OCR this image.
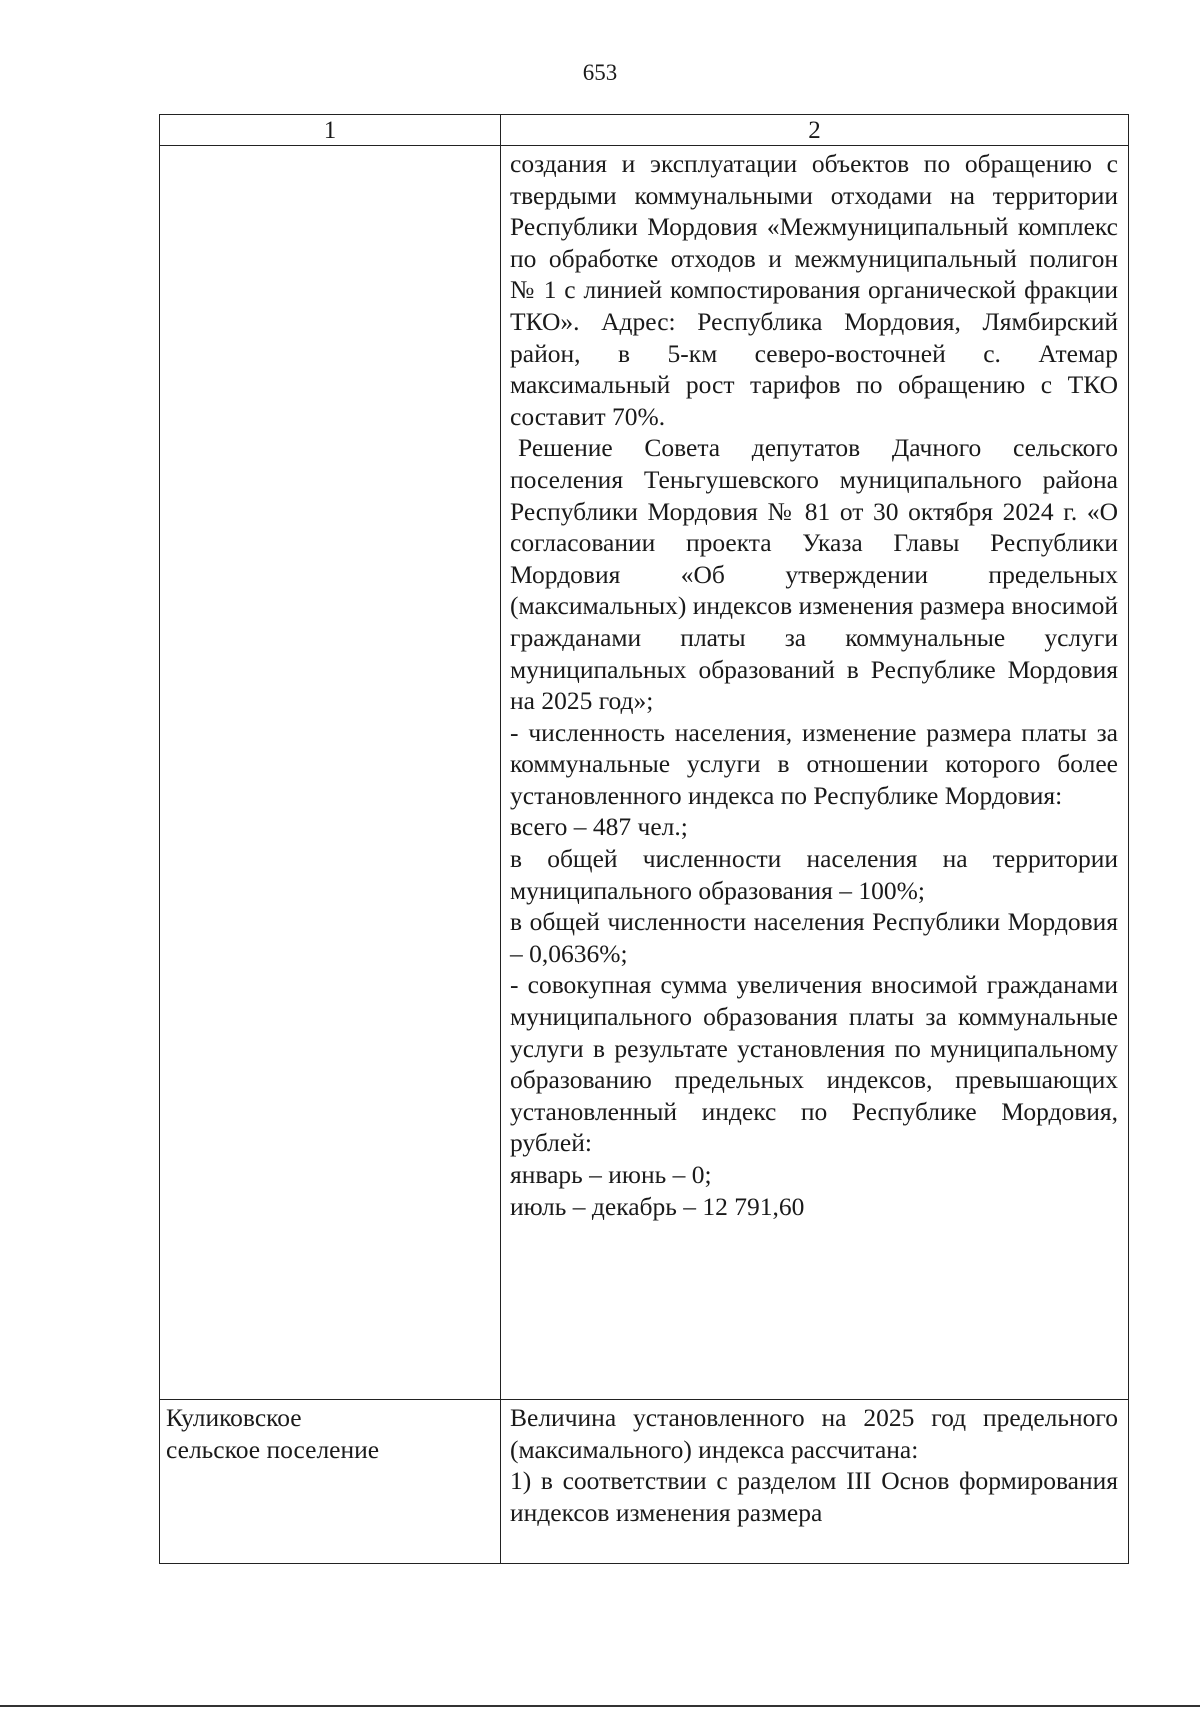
653
1	2

создания и эксплуатации объектов по обращению с твердыми коммунальными отходами на территории Республики Мордовия «Межмуниципальный комплекс по обработке отходов и межмуниципальный полигон № 1 с линией компостирования органической фракции ТКО». Адрес: Республика Мордовия, Лямбирский район, в 5-км северо-восточней с. Атемар максимальный рост тарифов по обращению с ТКО составит 70%.

Решение Совета депутатов Дачного сельского поселения Теньгушевского муниципального района Республики Мордовия № 81 от 30 октября 2024 г. «О согласовании проекта Указа Главы Республики Мордовия «Об утверждении предельных (максимальных) индексов изменения размера вносимой гражданами платы за коммунальные услуги муниципальных образований в Республике Мордовия на 2025 год»;

- численность населения, изменение размера платы за коммунальные услуги в отношении которого более установленного индекса по Республике Мордовия:

всего – 487 чел.;

в общей численности населения на территории муниципального образования – 100%;

в общей численности населения Республики Мордовия – 0,0636%;

- совокупная сумма увеличения вносимой гражданами муниципального образования платы за коммунальные услуги в результате установления по муниципальному образованию предельных индексов, превышающих установленный индекс по Республике Мордовия, рублей:

январь – июнь – 0;

июль – декабрь – 12 791,60

Куликовское

сельское поселение

Величина установленного на 2025 год предельного (максимального) индекса рассчитана:

1) в соответствии с разделом III Основ формирования индексов изменения размера
